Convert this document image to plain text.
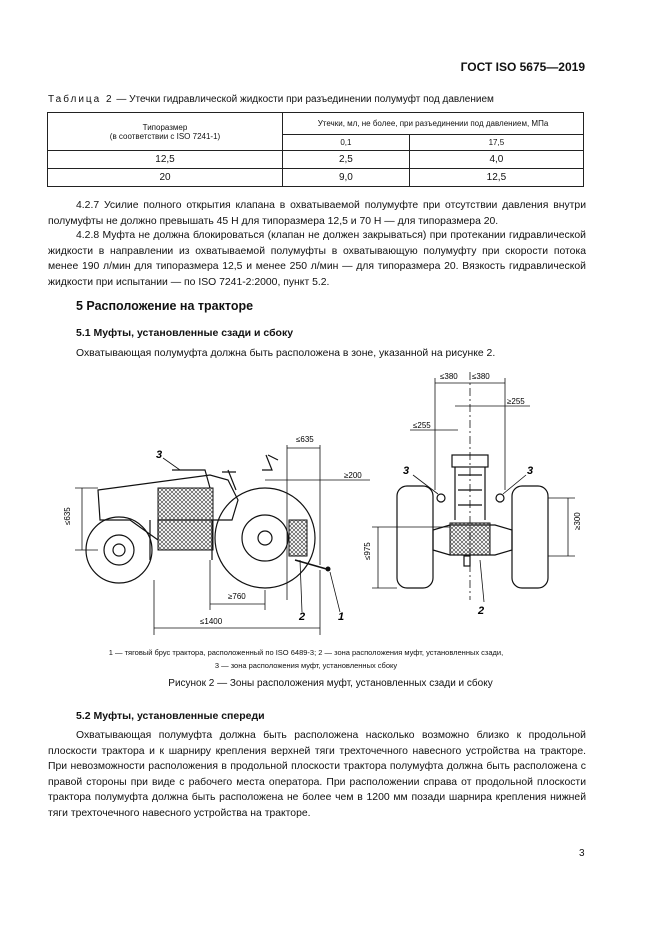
ГОСТ ISO 5675—2019
Таблица 2 — Утечки гидравлической жидкости при разъединении полумуфт под давлением
Типоразмер
(в соответствии с ISO 7241-1)	Утечки, мл, не более, при разъединении под давлением, МПа	
	0,1	17,5
12,5	2,5	4,0
20	9,0	12,5
4.2.7 Усилие полного открытия клапана в охватываемой полумуфте при отсутствии давления внутри полумуфты не должно превышать 45 Н для типоразмера 12,5 и 70 Н — для типоразмера 20.
4.2.8 Муфта не должна блокироваться (клапан не должен закрываться) при протекании гидравлической жидкости в направлении из охватываемой полумуфты в охватывающую полумуфту при скорости потока менее 190 л/мин для типоразмера 12,5 и менее 250 л/мин — для типоразмера 20. Вязкость гидравлической жидкости при испытании — по ISO 7241-2:2000, пункт 5.2.
5 Расположение на тракторе
5.1 Муфты, установленные сзади и сбоку
Охватывающая полумуфта должна быть расположена в зоне, указанной на рисунке 2.
≤635
≥200
≤635
≥760
≤1400
3
2	1
≤380 ≤380
≥255
≤255
≥300
≤975
3	3
2
1 — тяговый брус трактора, расположенный по ISO 6489-3; 2 — зона расположения муфт, установленных сзади,
3 — зона расположения муфт, установленных сбоку
Рисунок 2 — Зоны расположения муфт, установленных сзади и сбоку
5.2 Муфты, установленные спереди
Охватывающая полумуфта должна быть расположена насколько возможно близко к продольной плоскости трактора и к шарниру крепления верхней тяги трехточечного навесного устройства на тракторе. При невозможности расположения в продольной плоскости трактора полумуфта должна быть расположена с правой стороны при виде с рабочего места оператора. При расположении справа от продольной плоскости трактора полумуфта должна быть расположена не более чем в 1200 мм позади шарнира крепления нижней тяги трехточечного навесного устройства на тракторе.
3
